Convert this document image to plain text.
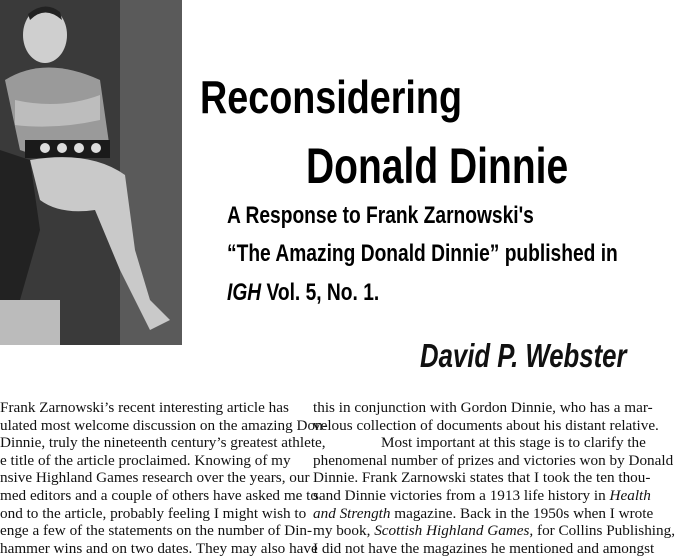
Reconsidering
Donald Dinnie
A Response to Frank Zarnowski's
“The Amazing Donald Dinnie” published in
IGH Vol. 5, No. 1.
David P. Webster
Frank Zarnowski’s recent interesting article has
ulated most welcome discussion on the amazing Don-
Dinnie, truly the nineteenth century’s greatest athlete,
e title of the article proclaimed. Knowing of my
nsive Highland Games research over the years, our
med editors and a couple of others have asked me to
ond to the article, probably feeling I might wish to
enge a few of the statements on the number of Din-
hammer wins and on two dates. They may also have
this in conjunction with Gordon Dinnie, who has a mar-
velous collection of documents about his distant relative.
Most important at this stage is to clarify the
phenomenal number of prizes and victories won by Donald
Dinnie. Frank Zarnowski states that I took the ten thou-
sand Dinnie victories from a 1913 life history in Health
and Strength magazine. Back in the 1950s when I wrote
my book, Scottish Highland Games, for Collins Publishing,
I did not have the magazines he mentioned and amongst
